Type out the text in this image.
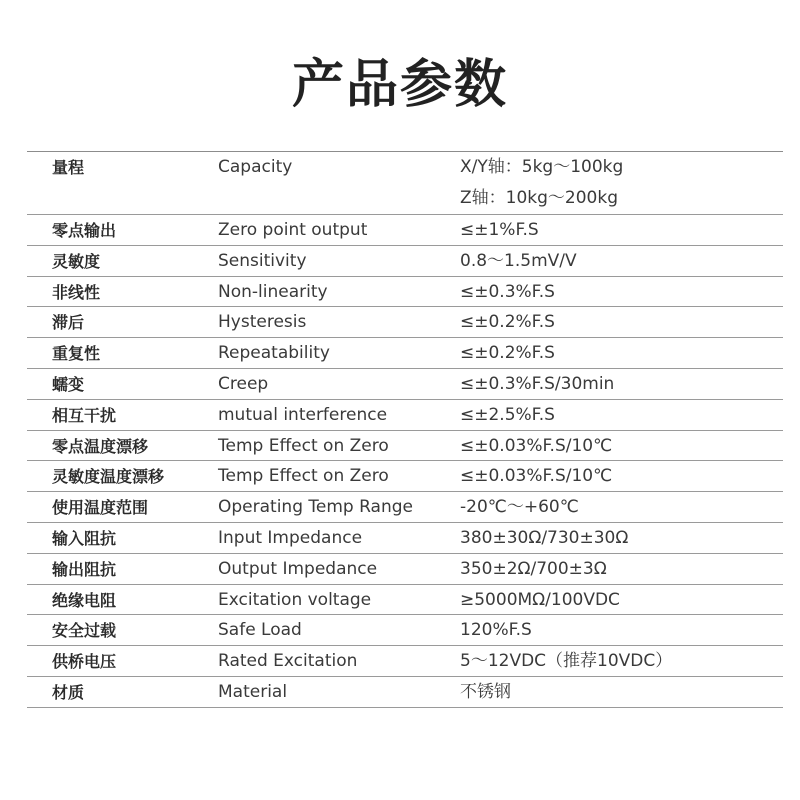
产品参数
量程	Capacity	X/Y轴：5kg～100kg
Z轴：10kg～200kg
零点输出	Zero point output	≤±1%F.S
灵敏度	Sensitivity	0.8～1.5mV/V
非线性	Non-linearity	≤±0.3%F.S
滞后	Hysteresis	≤±0.2%F.S
重复性	Repeatability	≤±0.2%F.S
蠕变	Creep	≤±0.3%F.S/30min
相互干扰	mutual interference	≤±2.5%F.S
零点温度漂移	Temp Effect on Zero	≤±0.03%F.S/10℃
灵敏度温度漂移	Temp Effect on Zero	≤±0.03%F.S/10℃
使用温度范围	Operating Temp Range	-20℃～+60℃
输入阻抗	Input Impedance	380±30Ω/730±30Ω
输出阻抗	Output Impedance	350±2Ω/700±3Ω
绝缘电阻	Excitation voltage	≥5000MΩ/100VDC
安全过载	Safe Load	120%F.S
供桥电压	Rated Excitation	5～12VDC（推荐10VDC）
材质	Material	不锈钢
